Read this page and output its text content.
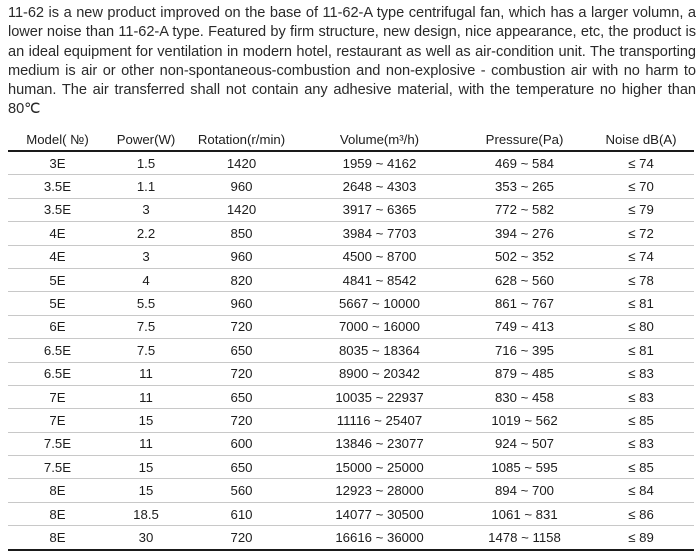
11-62 is a new product improved on the base of 11-62-A type centrifugal fan, which has a larger volumn, a lower noise than 11-62-A type. Featured by firm structure, new design, nice appearance, etc, the product is an ideal equipment for ventilation in modern hotel, restaurant as well as air-condition unit. The transporting medium is air or other non-spontaneous-combustion and non-explosive - combustion air with no harm to human. The air transferred shall not contain any adhesive material, with the temperature no higher than 80℃
Model( №)	Power(W)	Rotation(r/min)	Volume(m³/h)	Pressure(Pa)	Noise dB(A)
3E	1.5	1420	1959 ~ 4162	469 ~ 584	≤ 74
3.5E	1.1	960	2648 ~ 4303	353 ~ 265	≤ 70
3.5E	3	1420	3917 ~ 6365	772 ~ 582	≤ 79
4E	2.2	850	3984 ~ 7703	394 ~ 276	≤ 72
4E	3	960	4500 ~ 8700	502 ~ 352	≤ 74
5E	4	820	4841 ~ 8542	628 ~ 560	≤ 78
5E	5.5	960	5667 ~ 10000	861 ~ 767	≤ 81
6E	7.5	720	7000 ~ 16000	749 ~ 413	≤ 80
6.5E	7.5	650	8035 ~ 18364	716 ~ 395	≤ 81
6.5E	11	720	8900 ~ 20342	879 ~ 485	≤ 83
7E	11	650	10035 ~ 22937	830 ~ 458	≤ 83
7E	15	720	11116 ~ 25407	1019 ~ 562	≤ 85
7.5E	11	600	13846 ~ 23077	924 ~ 507	≤ 83
7.5E	15	650	15000 ~ 25000	1085 ~ 595	≤ 85
8E	15	560	12923 ~ 28000	894 ~ 700	≤ 84
8E	18.5	610	14077 ~ 30500	1061 ~ 831	≤ 86
8E	30	720	16616 ~ 36000	1478 ~ 1158	≤ 89
